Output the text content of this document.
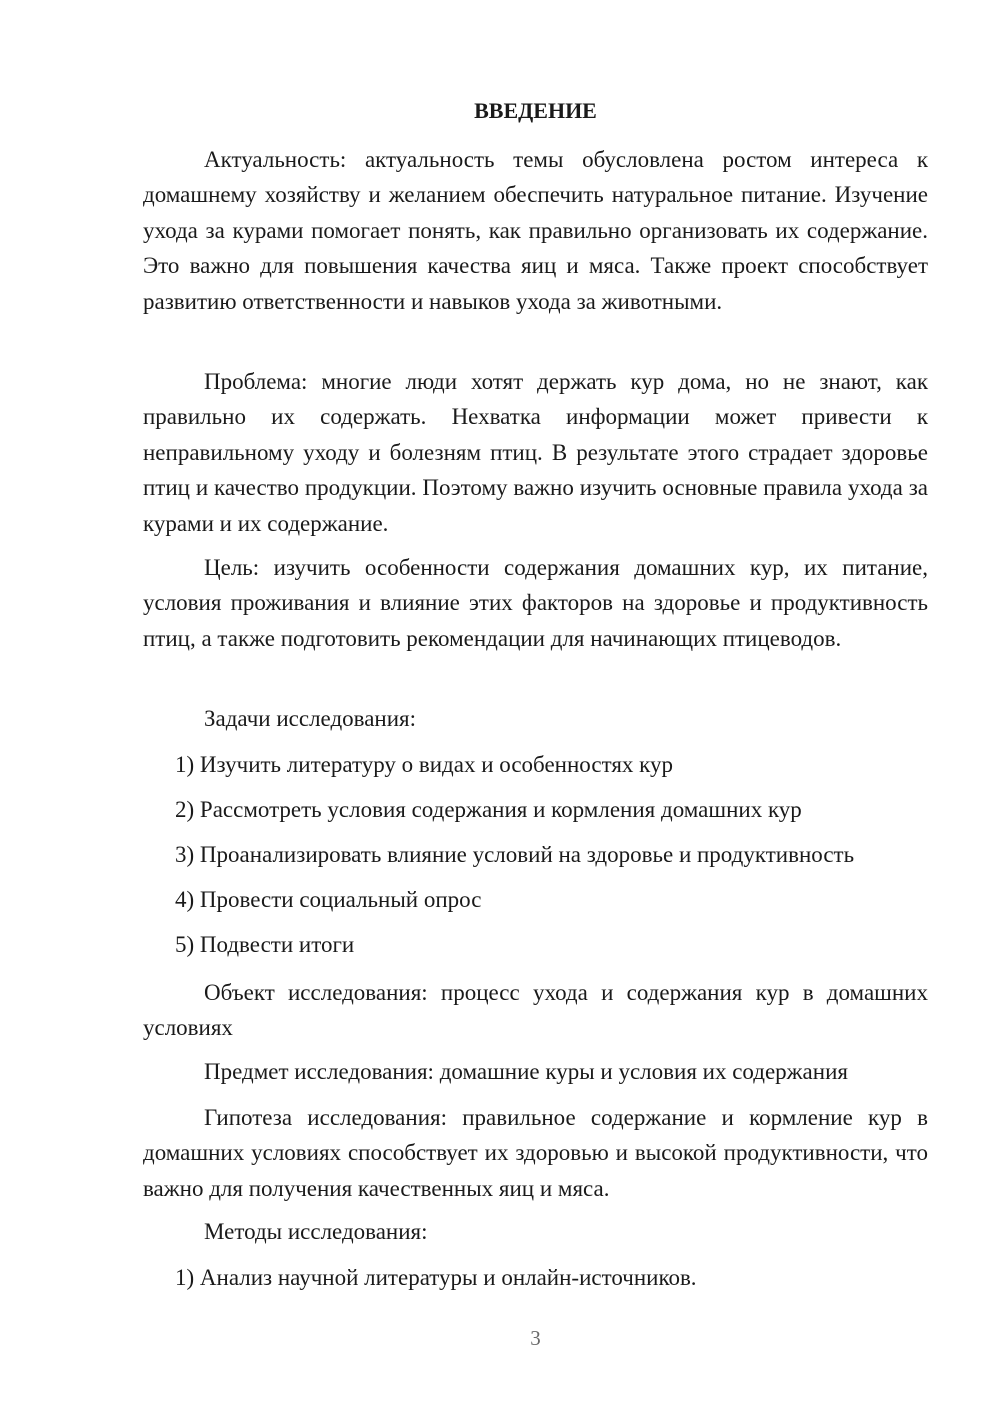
ВВЕДЕНИЕ

Актуальность: актуальность темы обусловлена ростом интереса к домашнему хозяйству и желанием обеспечить натуральное питание. Изучение ухода за курами помогает понять, как правильно организовать их содержание. Это важно для повышения качества яиц и мяса. Также проект способствует развитию ответственности и навыков ухода за животными.

Проблема: многие люди хотят держать кур дома, но не знают, как правильно их содержать. Нехватка информации может привести к неправильному уходу и болезням птиц. В результате этого страдает здоровье птиц и качество продукции. Поэтому важно изучить основные правила ухода за курами и их содержание.

Цель: изучить особенности содержания домашних кур, их питание, условия проживания и влияние этих факторов на здоровье и продуктивность птиц, а также подготовить рекомендации для начинающих птицеводов.

Задачи исследования:

1) Изучить литературу о видах и особенностях кур

2) Рассмотреть условия содержания и кормления домашних кур

3) Проанализировать влияние условий на здоровье и продуктивность

4) Провести социальный опрос

5) Подвести итоги

Объект исследования: процесс ухода и содержания кур в домашних условиях

Предмет исследования: домашние куры и условия их содержания

Гипотеза исследования: правильное содержание и кормление кур в домашних условиях способствует их здоровью и высокой продуктивности, что важно для получения качественных яиц и мяса.

Методы исследования:

1) Анализ научной литературы и онлайн-источников.

3
